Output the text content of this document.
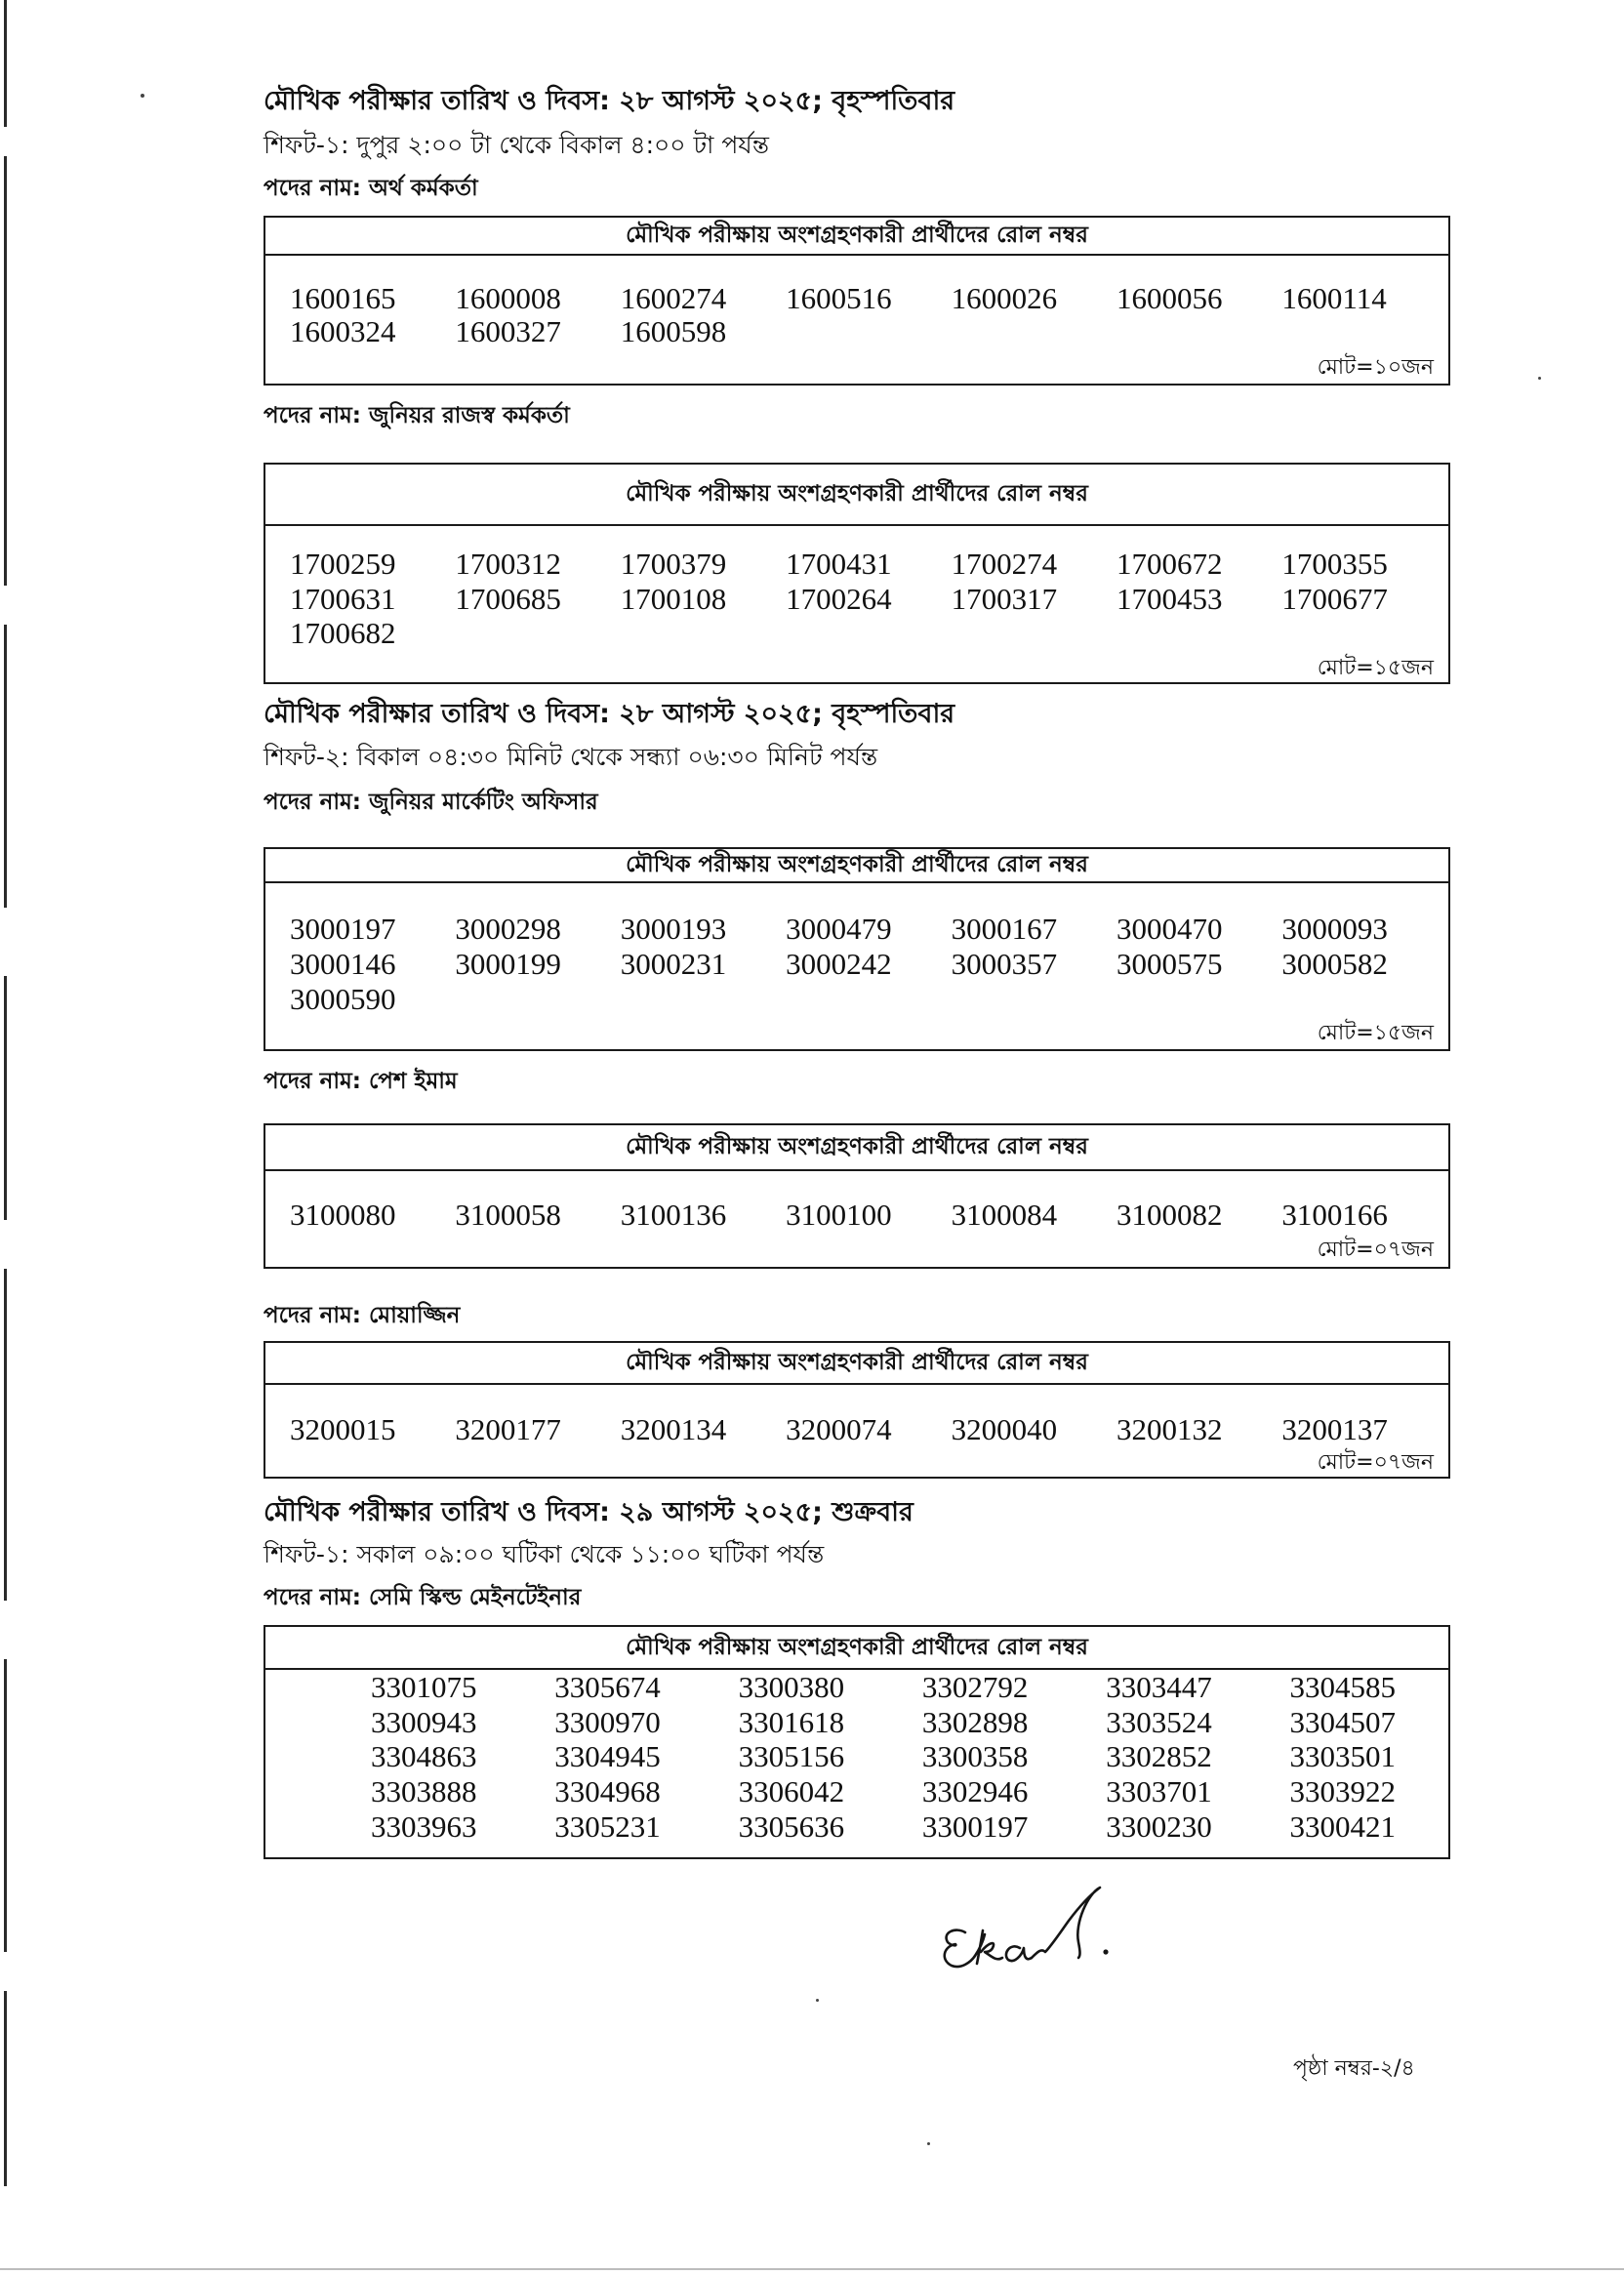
মৌখিক পরীক্ষার তারিখ ও দিবস: ২৮ আগস্ট ২০২৫; বৃহস্পতিবার
শিফট-১: দুপুর ২:০০ টা থেকে বিকাল ৪:০০ টা পর্যন্ত
পদের নাম: অর্থ কর্মকর্তা
মৌখিক পরীক্ষায় অংশগ্রহণকারী প্রার্থীদের রোল নম্বর
1600165	1600008	1600274	1600516	1600026	1600056	1600114
1600324	1600327	1600598
মোট=১০জন
পদের নাম: জুনিয়র রাজস্ব কর্মকর্তা
মৌখিক পরীক্ষায় অংশগ্রহণকারী প্রার্থীদের রোল নম্বর
1700259	1700312	1700379	1700431	1700274	1700672	1700355
1700631	1700685	1700108	1700264	1700317	1700453	1700677
1700682
মোট=১৫জন
মৌখিক পরীক্ষার তারিখ ও দিবস: ২৮ আগস্ট ২০২৫; বৃহস্পতিবার
শিফট-২: বিকাল ০৪:৩০ মিনিট থেকে সন্ধ্যা ০৬:৩০ মিনিট পর্যন্ত
পদের নাম: জুনিয়র মার্কেটিং অফিসার
মৌখিক পরীক্ষায় অংশগ্রহণকারী প্রার্থীদের রোল নম্বর
3000197	3000298	3000193	3000479	3000167	3000470	3000093
3000146	3000199	3000231	3000242	3000357	3000575	3000582
3000590
মোট=১৫জন
পদের নাম: পেশ ইমাম
মৌখিক পরীক্ষায় অংশগ্রহণকারী প্রার্থীদের রোল নম্বর
3100080	3100058	3100136	3100100	3100084	3100082	3100166
মোট=০৭জন
পদের নাম: মোয়াজ্জিন
মৌখিক পরীক্ষায় অংশগ্রহণকারী প্রার্থীদের রোল নম্বর
3200015	3200177	3200134	3200074	3200040	3200132	3200137
মোট=০৭জন
মৌখিক পরীক্ষার তারিখ ও দিবস: ২৯ আগস্ট ২০২৫; শুক্রবার
শিফট-১: সকাল ০৯:০০ ঘটিকা থেকে ১১:০০ ঘটিকা পর্যন্ত
পদের নাম: সেমি স্কিল্ড মেইনটেইনার
মৌখিক পরীক্ষায় অংশগ্রহণকারী প্রার্থীদের রোল নম্বর
3301075	3305674	3300380	3302792	3303447	3304585
3300943	3300970	3301618	3302898	3303524	3304507
3304863	3304945	3305156	3300358	3302852	3303501
3303888	3304968	3306042	3302946	3303701	3303922
3303963	3305231	3305636	3300197	3300230	3300421
পৃষ্ঠা নম্বর-২/৪
